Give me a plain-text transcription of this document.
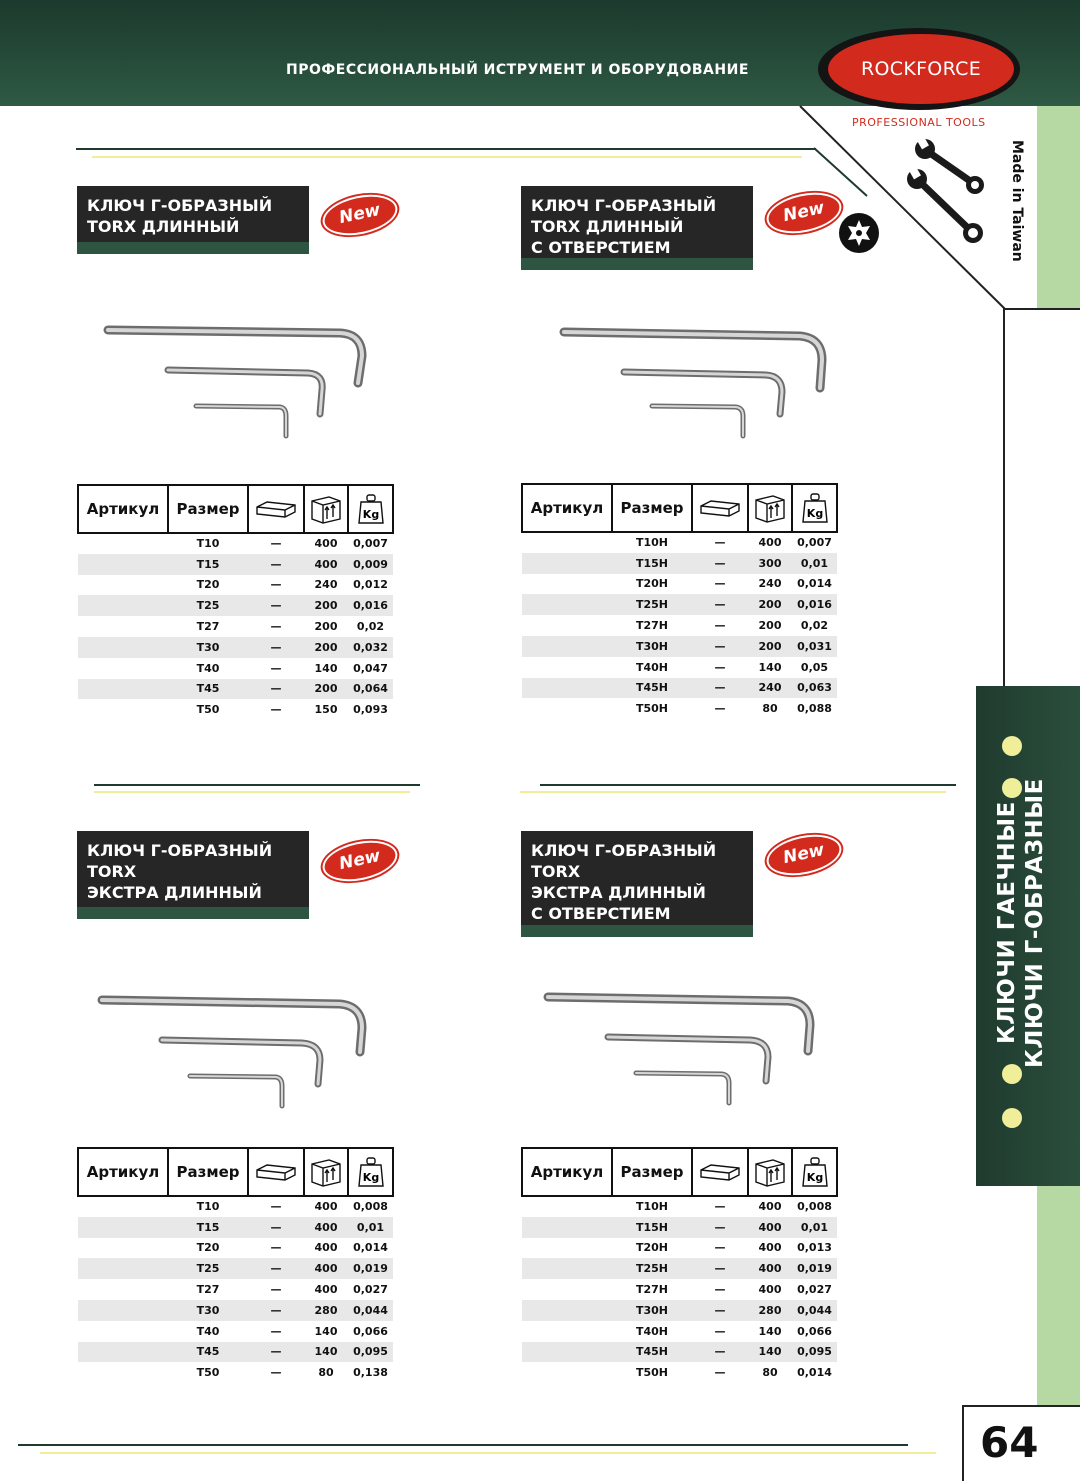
ПРОФЕССИОНАЛЬНЫЙ ИСТРУМЕНТ И ОБОРУДОВАНИЕ	ROCKFORCE
PROFESSIONAL TOOLS
Made in Taiwan
КЛЮЧИ ГАЕЧНЫЕ КЛЮЧИ Г-ОБРАЗНЫЕ
64
КЛЮЧ Г-ОБРАЗНЫЙ
TORX ДЛИННЫЙ	New	КЛЮЧ Г-ОБРАЗНЫЙ
TORX ДЛИННЫЙ
С ОТВЕРСТИЕМ
New
КЛЮЧ Г-ОБРАЗНЫЙ
TORX
ЭКСТРА ДЛИННЫЙ
New	КЛЮЧ Г-ОБРАЗНЫЙ
TORX
ЭКСТРА ДЛИННЫЙ
С ОТВЕРСТИЕМ
New
Артикул	Размер			Kg

	T10	—	400	0,007
	T15	—	400	0,009
	T20	—	240	0,012
	T25	—	200	0,016
	T27	—	200	0,02
	T30	—	200	0,032
	T40	—	140	0,047
	T45	—	200	0,064
	T50	—	150	0,093
Артикул	Размер			Kg

	T10H	—	400	0,007
	T15H	—	300	0,01
	T20H	—	240	0,014
	T25H	—	200	0,016
	T27H	—	200	0,02
	T30H	—	200	0,031
	T40H	—	140	0,05
	T45H	—	240	0,063
	T50H	—	80	0,088
Артикул	Размер			Kg

	T10	—	400	0,008
	T15	—	400	0,01
	T20	—	400	0,014
	T25	—	400	0,019
	T27	—	400	0,027
	T30	—	280	0,044
	T40	—	140	0,066
	T45	—	140	0,095
	T50	—	80	0,138
Артикул	Размер			Kg

	T10H	—	400	0,008
	T15H	—	400	0,01
	T20H	—	400	0,013
	T25H	—	400	0,019
	T27H	—	400	0,027
	T30H	—	280	0,044
	T40H	—	140	0,066
	T45H	—	140	0,095
	T50H	—	80	0,014
